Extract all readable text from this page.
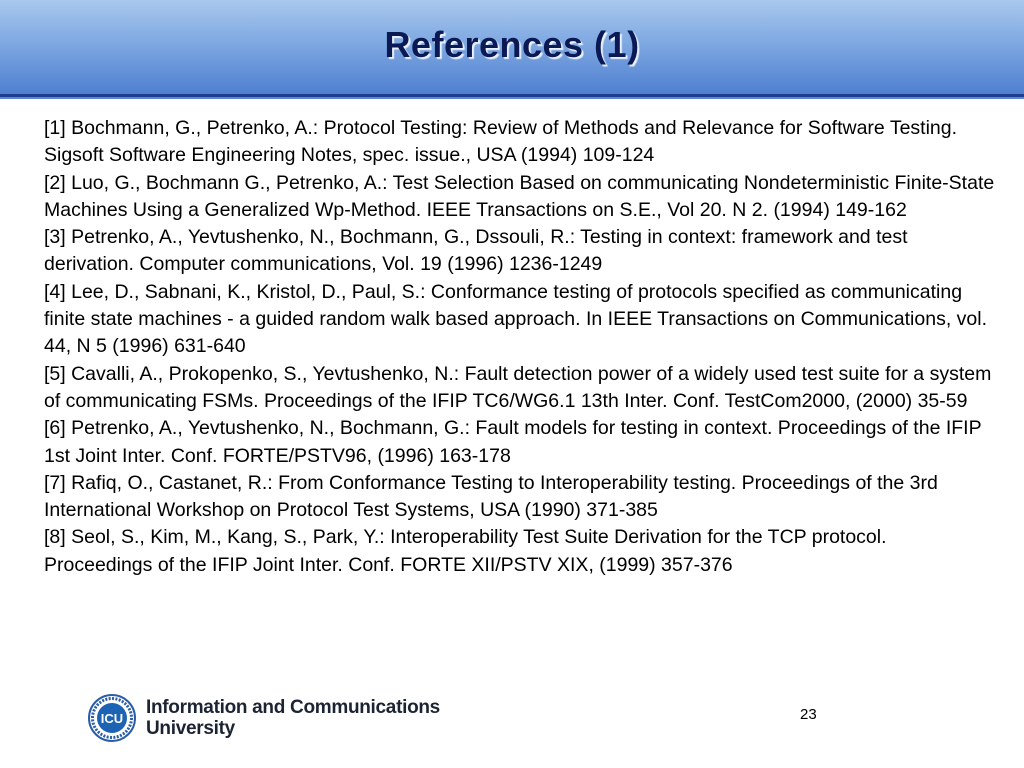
References (1)

[1] Bochmann, G., Petrenko, A.: Protocol Testing: Review of Methods and Relevance for Software Testing. Sigsoft Software Engineering Notes, spec. issue., USA (1994) 109-124

[2] Luo, G., Bochmann G., Petrenko, A.: Test Selection Based on communicating Nondeterministic Finite-State Machines Using a Generalized Wp-Method. IEEE Transactions on S.E., Vol 20. N 2. (1994) 149-162

[3] Petrenko, A., Yevtushenko, N., Bochmann, G., Dssouli, R.: Testing in context: framework and test derivation. Computer communications, Vol. 19 (1996) 1236-1249

[4] Lee, D., Sabnani, K., Kristol, D., Paul, S.: Conformance testing of protocols specified as communicating finite state machines - a guided random walk based approach. In IEEE Transactions on Communications, vol. 44, N 5 (1996) 631-640

[5] Cavalli, A., Prokopenko, S., Yevtushenko, N.: Fault detection power of a widely used test suite for a system of communicating FSMs. Proceedings of the IFIP TC6/WG6.1 13th Inter. Conf. TestCom2000, (2000) 35-59

[6] Petrenko, A., Yevtushenko, N., Bochmann, G.: Fault models for testing in context. Proceedings of the IFIP 1st Joint Inter. Conf. FORTE/PSTV96, (1996) 163-178

[7] Rafiq, O., Castanet, R.: From Conformance Testing to Interoperability testing. Proceedings of the 3rd International Workshop on Protocol Test Systems, USA (1990) 371-385

[8] Seol, S., Kim, M., Kang, S., Park, Y.: Interoperability Test Suite Derivation for the TCP protocol. Proceedings of the IFIP Joint Inter. Conf. FORTE XII/PSTV XIX, (1999) 357-376

ICU
Information and Communications
University
23
